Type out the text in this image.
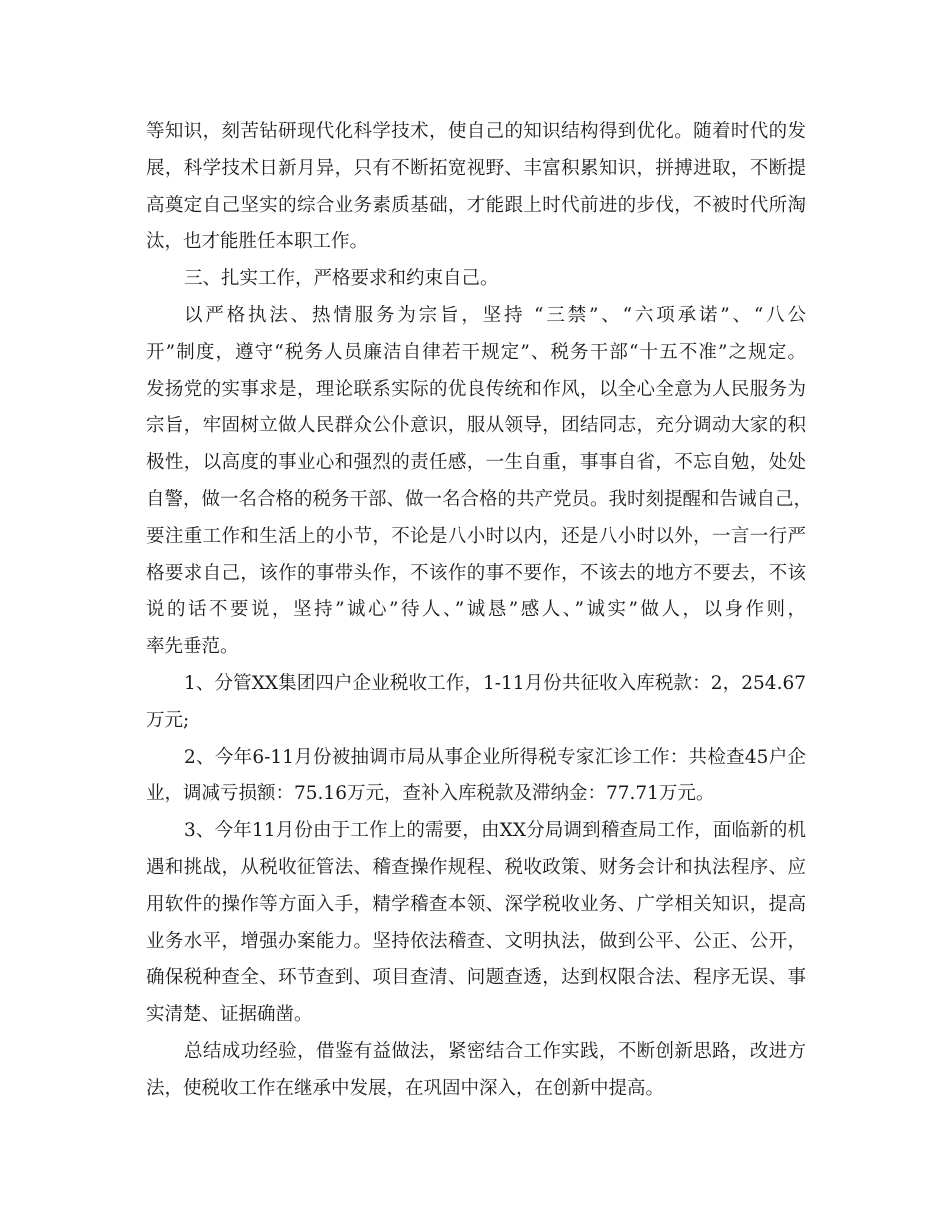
等知识，刻苦钻研现代化科学技术，使自己的知识结构得到优化。随着时代的发
展，科学技术日新月异，只有不断拓宽视野、丰富积累知识，拼搏进取，不断提
高奠定自己坚实的综合业务素质基础，才能跟上时代前进的步伐，不被时代所淘
汰，也才能胜任本职工作。
三、扎实工作，严格要求和约束自己。
以严格执法、热情服务为宗旨，坚持 “三禁”、“六项承诺”、“八公
开”制度，遵守“税务人员廉洁自律若干规定”、税务干部“十五不准”之规定。
发扬党的实事求是，理论联系实际的优良传统和作风，以全心全意为人民服务为
宗旨，牢固树立做人民群众公仆意识，服从领导，团结同志，充分调动大家的积
极性，以高度的事业心和强烈的责任感，一生自重，事事自省，不忘自勉，处处
自警，做一名合格的税务干部、做一名合格的共产党员。我时刻提醒和告诫自己，
要注重工作和生活上的小节，不论是八小时以内，还是八小时以外，一言一行严
格要求自己，该作的事带头作，不该作的事不要作，不该去的地方不要去，不该
说的话不要说，坚持”诚心”待人、”诚恳”感人、”诚实”做人，以身作则，
率先垂范。
1、分管XX集团四户企业税收工作，1-11月份共征收入库税款：2，254.67
万元;
2、今年6-11月份被抽调市局从事企业所得税专家汇诊工作：共检查45户企
业，调减亏损额：75.16万元，查补入库税款及滞纳金：77.71万元。
3、今年11月份由于工作上的需要，由XX分局调到稽查局工作，面临新的机
遇和挑战，从税收征管法、稽查操作规程、税收政策、财务会计和执法程序、应
用软件的操作等方面入手，精学稽查本领、深学税收业务、广学相关知识，提高
业务水平，增强办案能力。坚持依法稽查、文明执法，做到公平、公正、公开，
确保税种查全、环节查到、项目查清、问题查透，达到权限合法、程序无误、事
实清楚、证据确凿。
总结成功经验，借鉴有益做法，紧密结合工作实践，不断创新思路，改进方
法，使税收工作在继承中发展，在巩固中深入，在创新中提高。
